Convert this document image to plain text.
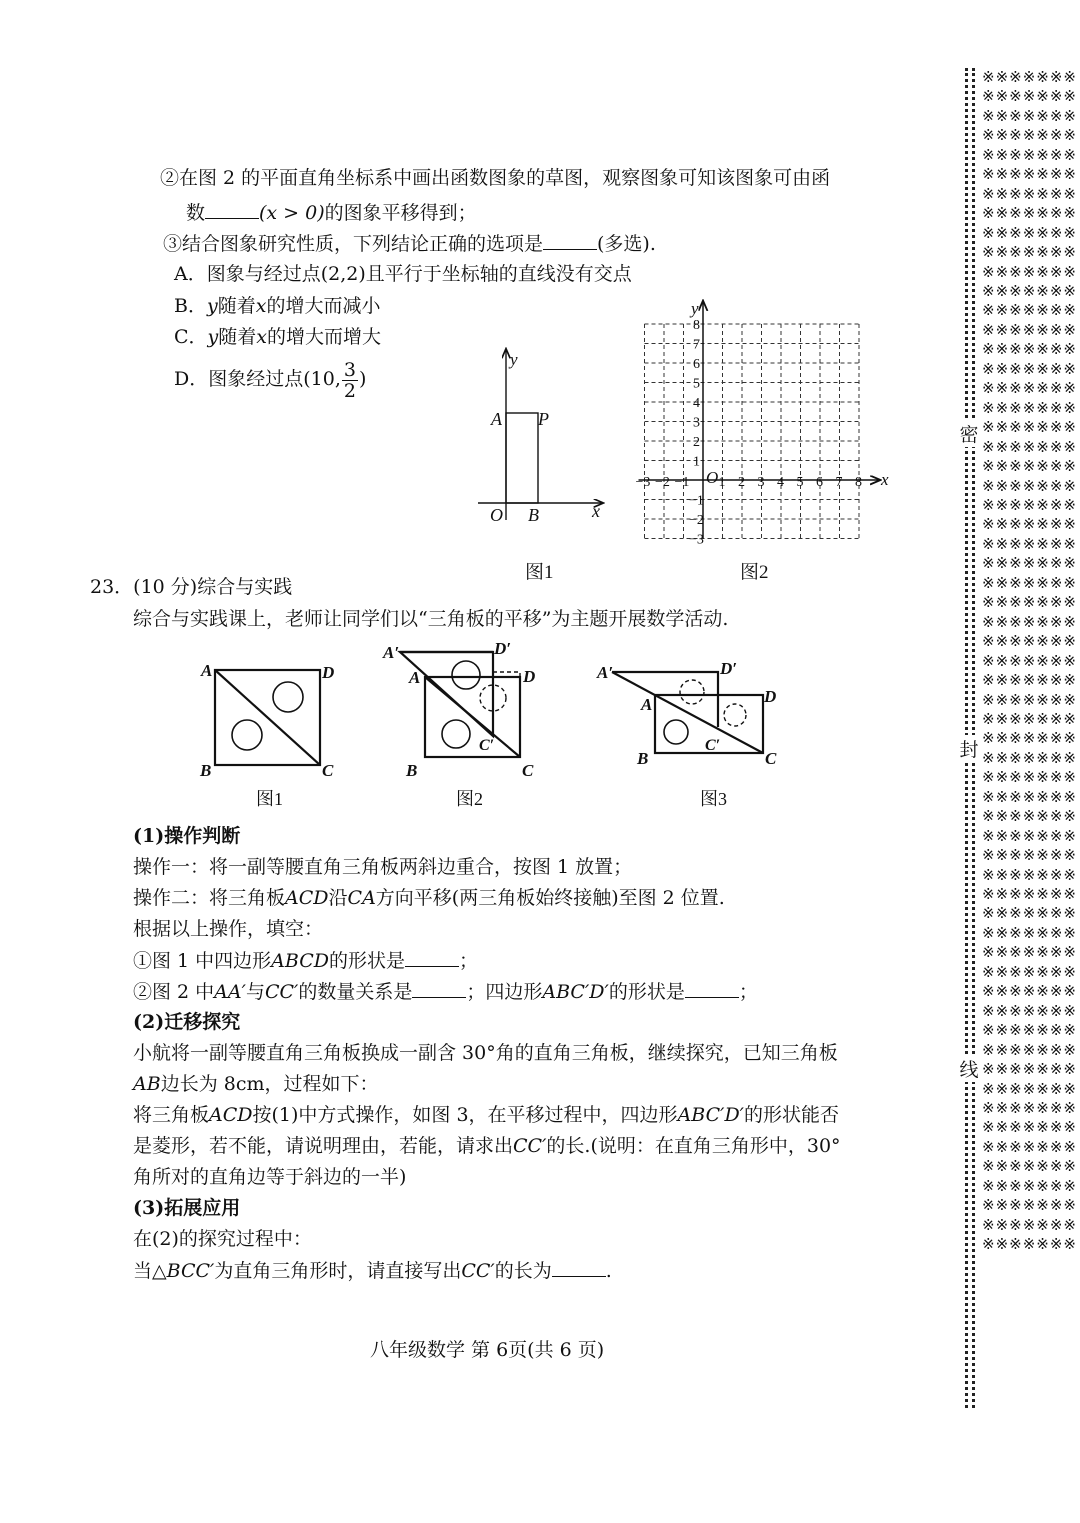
②在图 2 的平面直角坐标系中画出函数图象的草图，观察图象可知该图象可由函
数	(x > 0)的图象平移得到；
③结合图象研究性质，下列结论正确的选项是	(多选).
A．图象与经过点(2,2)且平行于坐标轴的直线没有交点
B．y随着x的增大而减小
C．y随着x的增大而增大
D．图象经过点(10, $\frac{3}{2}$ )
y
A P
O B	x
图1
−3 −2 −1 1 2 3 4 5 6 7 8
8
7
6
5
4
3
2
1
−1
−2
−3
O	x
y
图2
23．(10 分)综合与实践
综合与实践课上，老师让同学们以“三角板的平移”为主题开展数学活动.
A	D
B	C
图1
A′
A
D′
D
C′
B	C
图2
A′	D′
A	D
C′
B	C
图3
(1)操作判断
操作一：将一副等腰直角三角板两斜边重合，按图 1 放置；
操作二：将三角板ACD沿CA方向平移(两三角板始终接触)至图 2 位置.
根据以上操作，填空：
①图 1 中四边形ABCD的形状是	；
②图 2 中AA′与CC′的数量关系是	；四边形ABC′D′的形状是	；
(2)迁移探究
小航将一副等腰直角三角板换成一副含 30°角的直角三角板，继续探究，已知三角板
AB边长为 8cm，过程如下：
将三角板ACD按(1)中方式操作，如图 3，在平移过程中，四边形ABC′D′的形状能否
是菱形，若不能，请说明理由，若能，请求出CC′的长.(说明：在直角三角形中，30°
角所对的直角边等于斜边的一半)
(3)拓展应用
在(2)的探究过程中：
当△BCC′为直角三角形时，请直接写出CC′的长为	.
八年级数学 第 6页(共 6 页)
※※※※※※※※※※※※※※※※※※※※※※※※※※※※※※※※※※※※※※※※※※※※※※※※※※※※※※※※※※※※※※※※※※※※※※※※※※※※※※※※※※※※※※※※※※※※※※※※※※※※※※※※※※※※※※※※※※※※※※※※※※※※※※※※※※※※※※※※※※※※※※※※※※※※※※※※※※※※※※※※※※※※※※※※※※※※※※※※※※※※※※※※※※※※※※※※※※※※※※※※※※※※※※※※※※※※※※※※※※※※※※※※※※※※※※※※※※※※※※※※※※※※※※※※※※※※※※※※※※※※※※※※※※※※※※※※※※※※※※※※※※※※※※※※※※※※※※※※※※※※※※※※※※※※※※※※※※※※※※※※※※※※※※※※※※※※※※※※※※※※※※※※※※※※※※※※※※※※※※※※※※※※※※※※※※※※※※※※※※※※※※※※※※※※※※※※※※※※※※※※※※※※※※※※※※※※※※※※※※※※※※※※※※※
密
封
线
